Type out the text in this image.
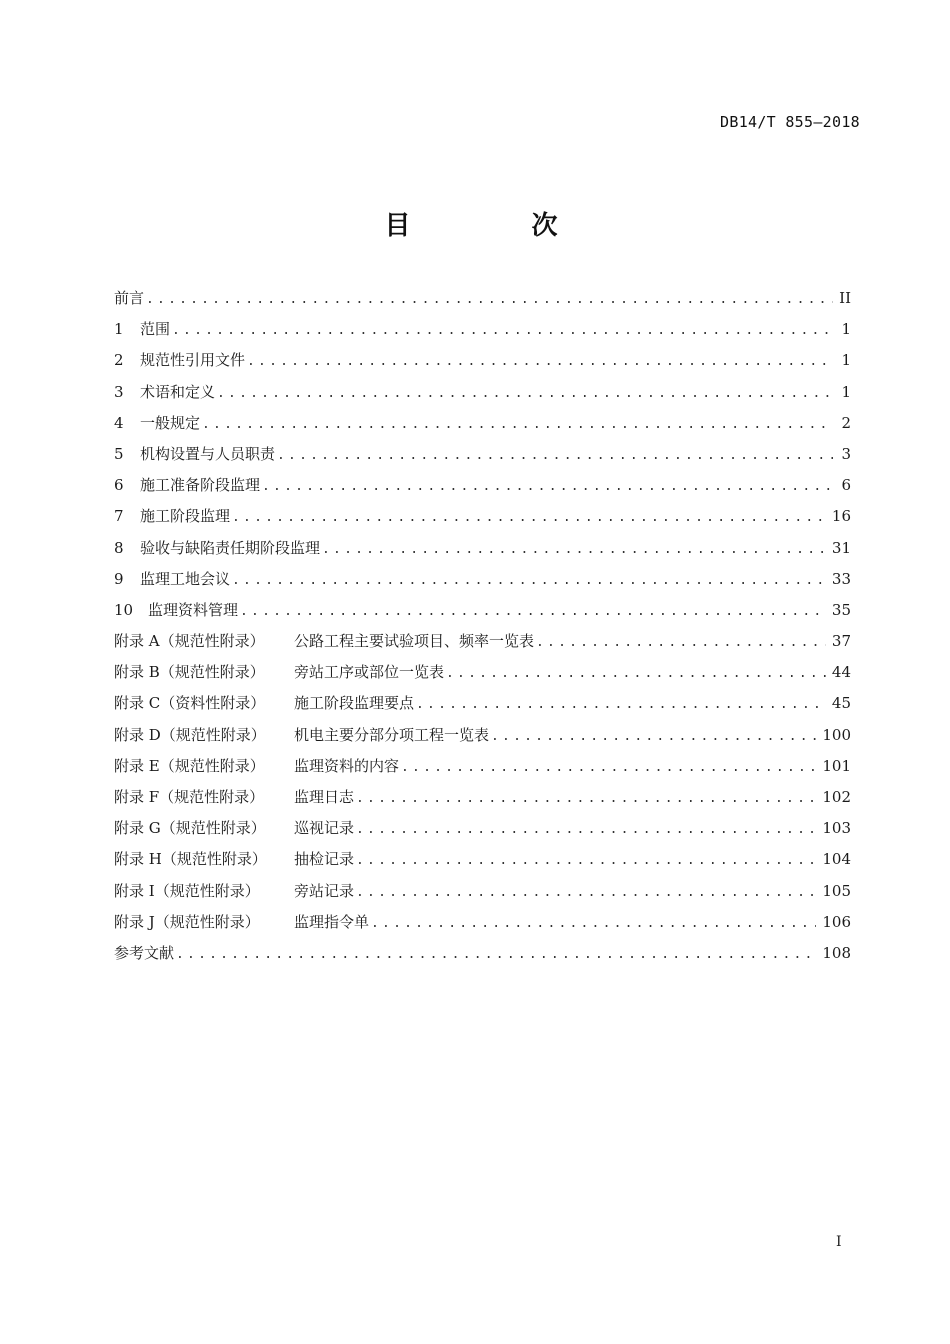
DB14/T 855—2018
目 次
前言 .....	II
1	范围 .....	1
2	规范性引用文件 .....	1
3	术语和定义 .....	1
4	一般规定 .....	2
5	机构设置与人员职责 .....	3
6	施工准备阶段监理 .....	6
7	施工阶段监理 .....	16
8	验收与缺陷责任期阶段监理 .....	31
9	监理工地会议 .....	33
10 监理资料管理 .....	35
附录 A（规范性附录）	公路工程主要试验项目、频率一览表 .....	37
附录 B（规范性附录）	旁站工序或部位一览表 .....	44
附录 C（资料性附录）	施工阶段监理要点 .....	45
附录 D（规范性附录）	机电主要分部分项工程一览表 .....	100
附录 E（规范性附录）	监理资料的内容 .....	101
附录 F（规范性附录）	监理日志 .....	102
附录 G（规范性附录）	巡视记录 .....	103
附录 H（规范性附录）	抽检记录 .....	104
附录 I（规范性附录）	旁站记录 .....	105
附录 J（规范性附录）	监理指令单 .....	106
参考文献 .....	108
I
